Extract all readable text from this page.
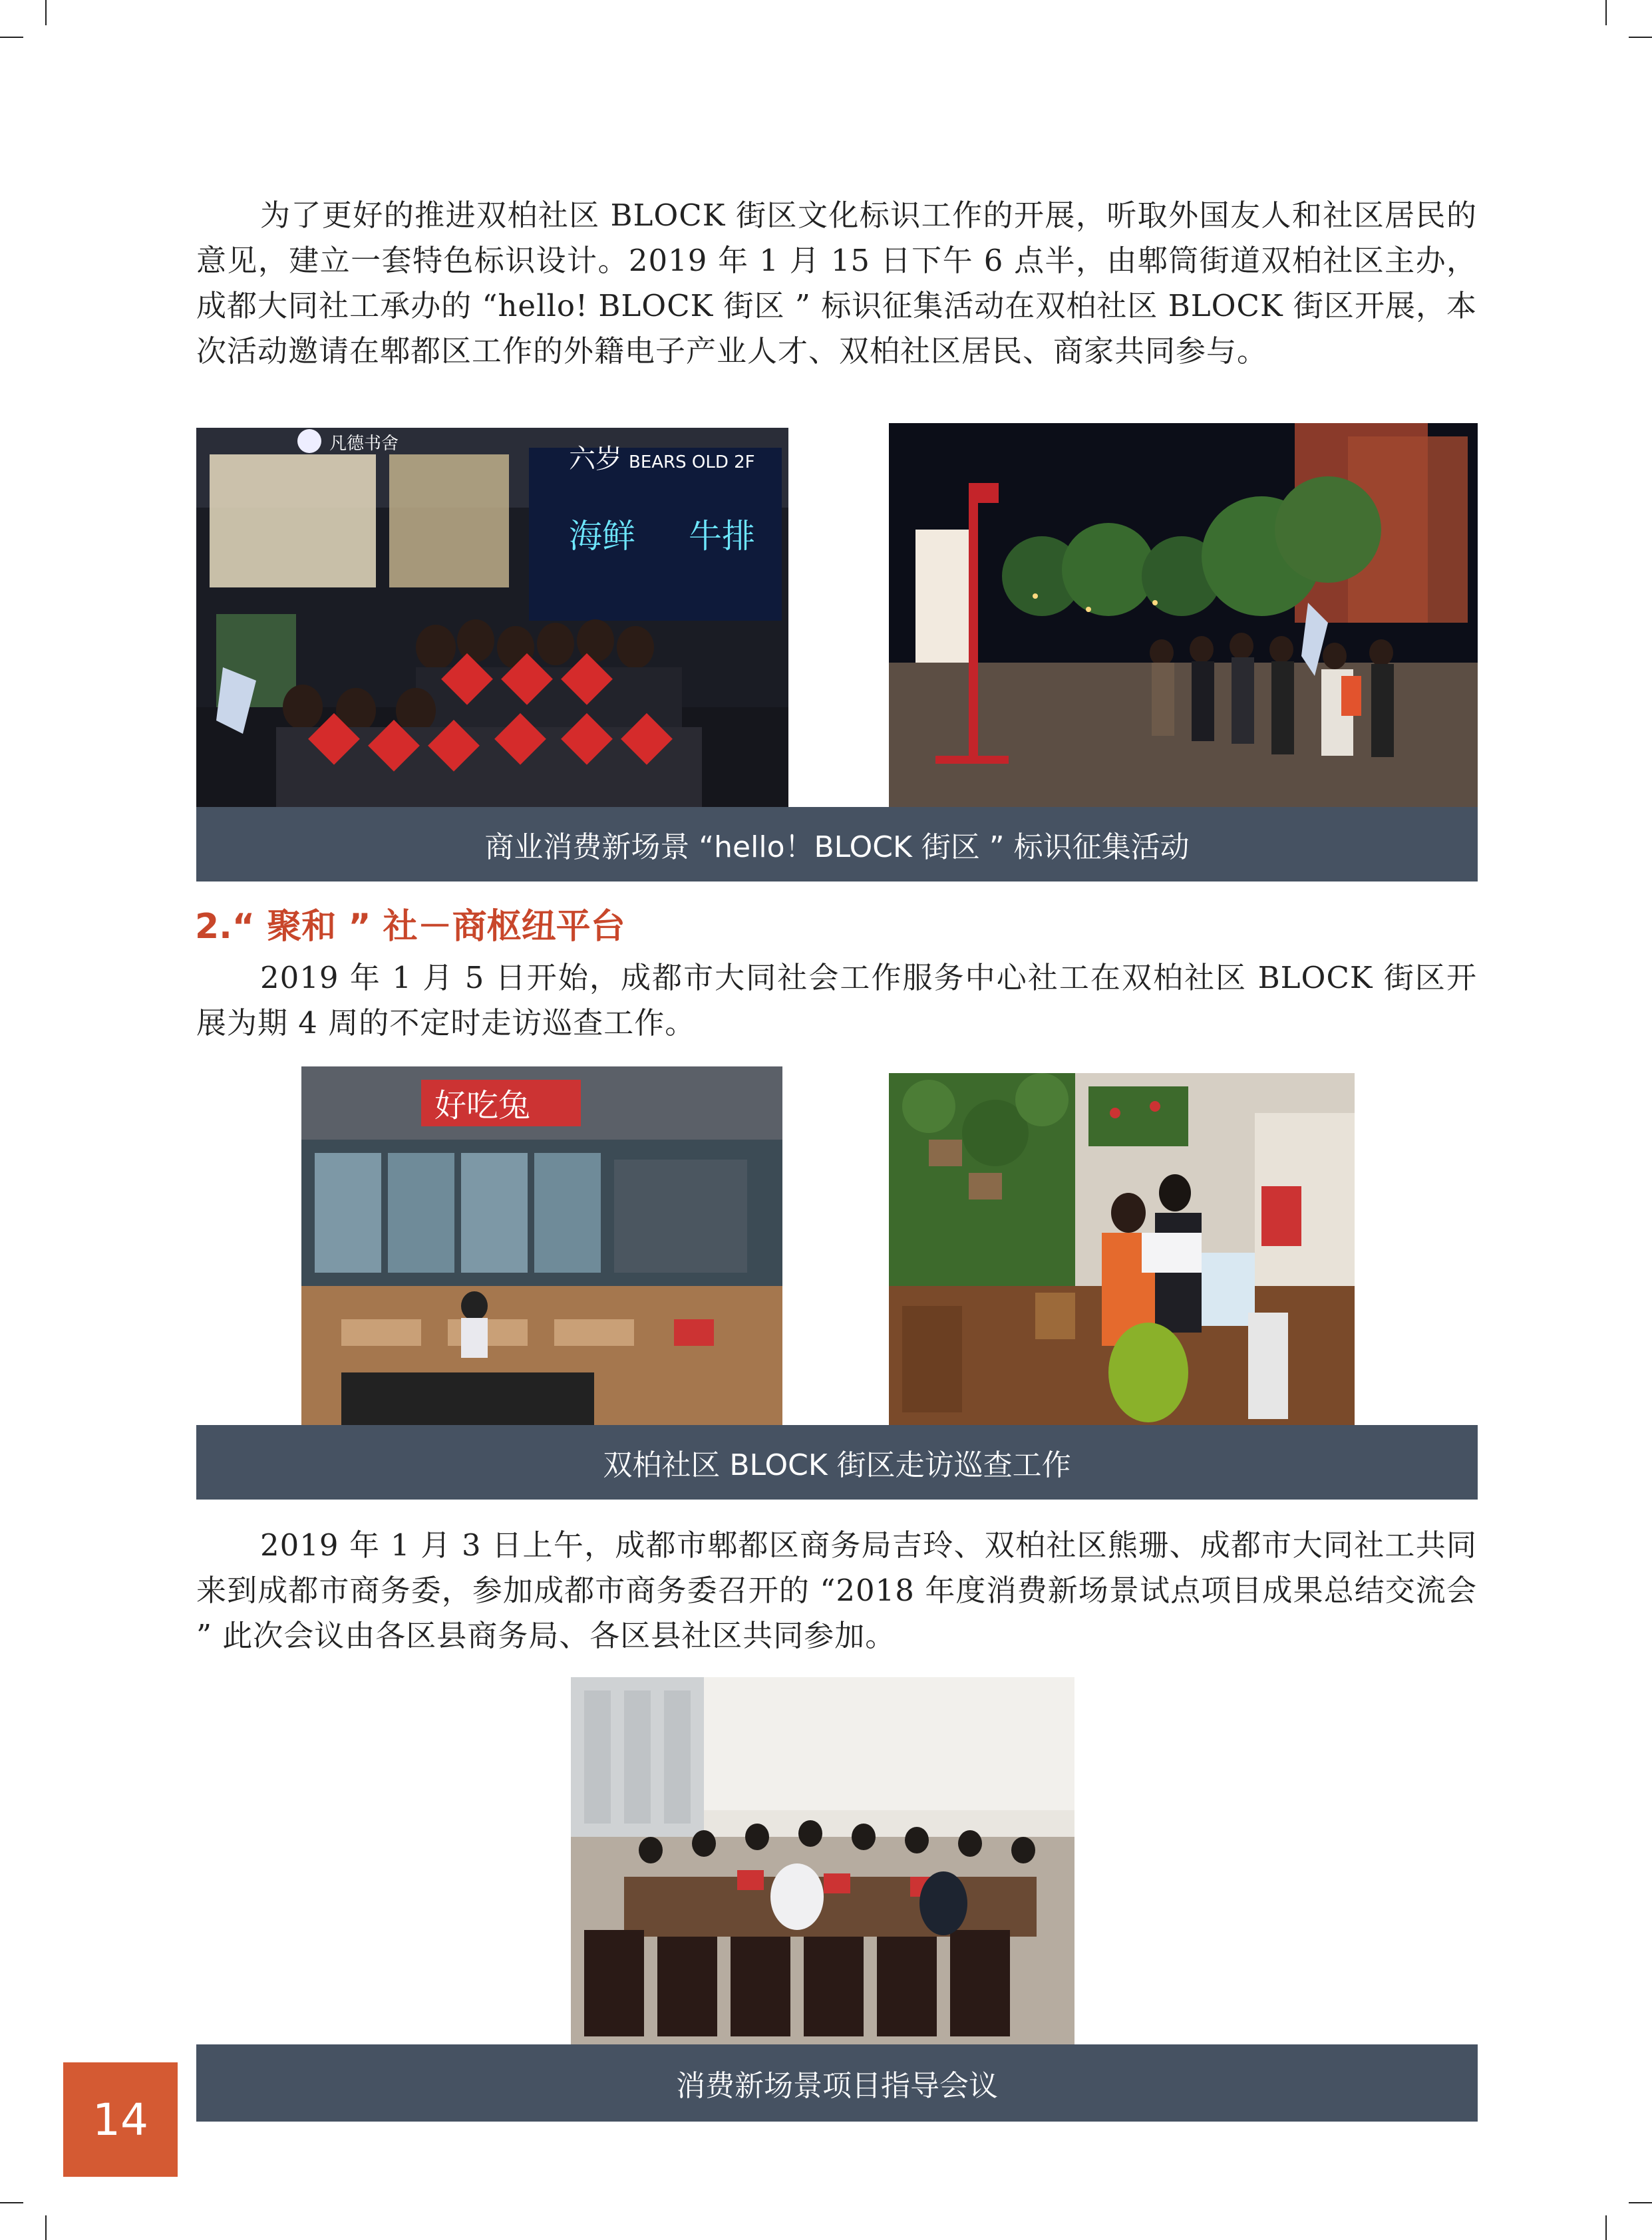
为了更好的推进双柏社区 BLOCK 街区文化标识工作的开展，听取外国友人和社区居民的意见，建立一套特色标识设计。2019 年 1 月 15 日下午 6 点半，由郫筒街道双柏社区主办，成都大同社工承办的 “hello! BLOCK 街区 ” 标识征集活动在双柏社区 BLOCK 街区开展，本次活动邀请在郫都区工作的外籍电子产业人才、双柏社区居民、商家共同参与。
凡德书舍	六岁 BEARS OLD 2F
海鲜 牛排
商业消费新场景 “hello！BLOCK 街区 ” 标识征集活动
2.“ 聚和 ” 社－商枢纽平台
2019 年 1 月 5 日开始，成都市大同社会工作服务中心社工在双柏社区 BLOCK 街区开展为期 4 周的不定时走访巡查工作。
好吃兔
双柏社区 BLOCK 街区走访巡查工作
2019 年 1 月 3 日上午，成都市郫都区商务局吉玲、双柏社区熊珊、成都市大同社工共同来到成都市商务委，参加成都市商务委召开的 “2018 年度消费新场景试点项目成果总结交流会 ” 此次会议由各区县商务局、各区县社区共同参加。
消费新场景项目指导会议
14
